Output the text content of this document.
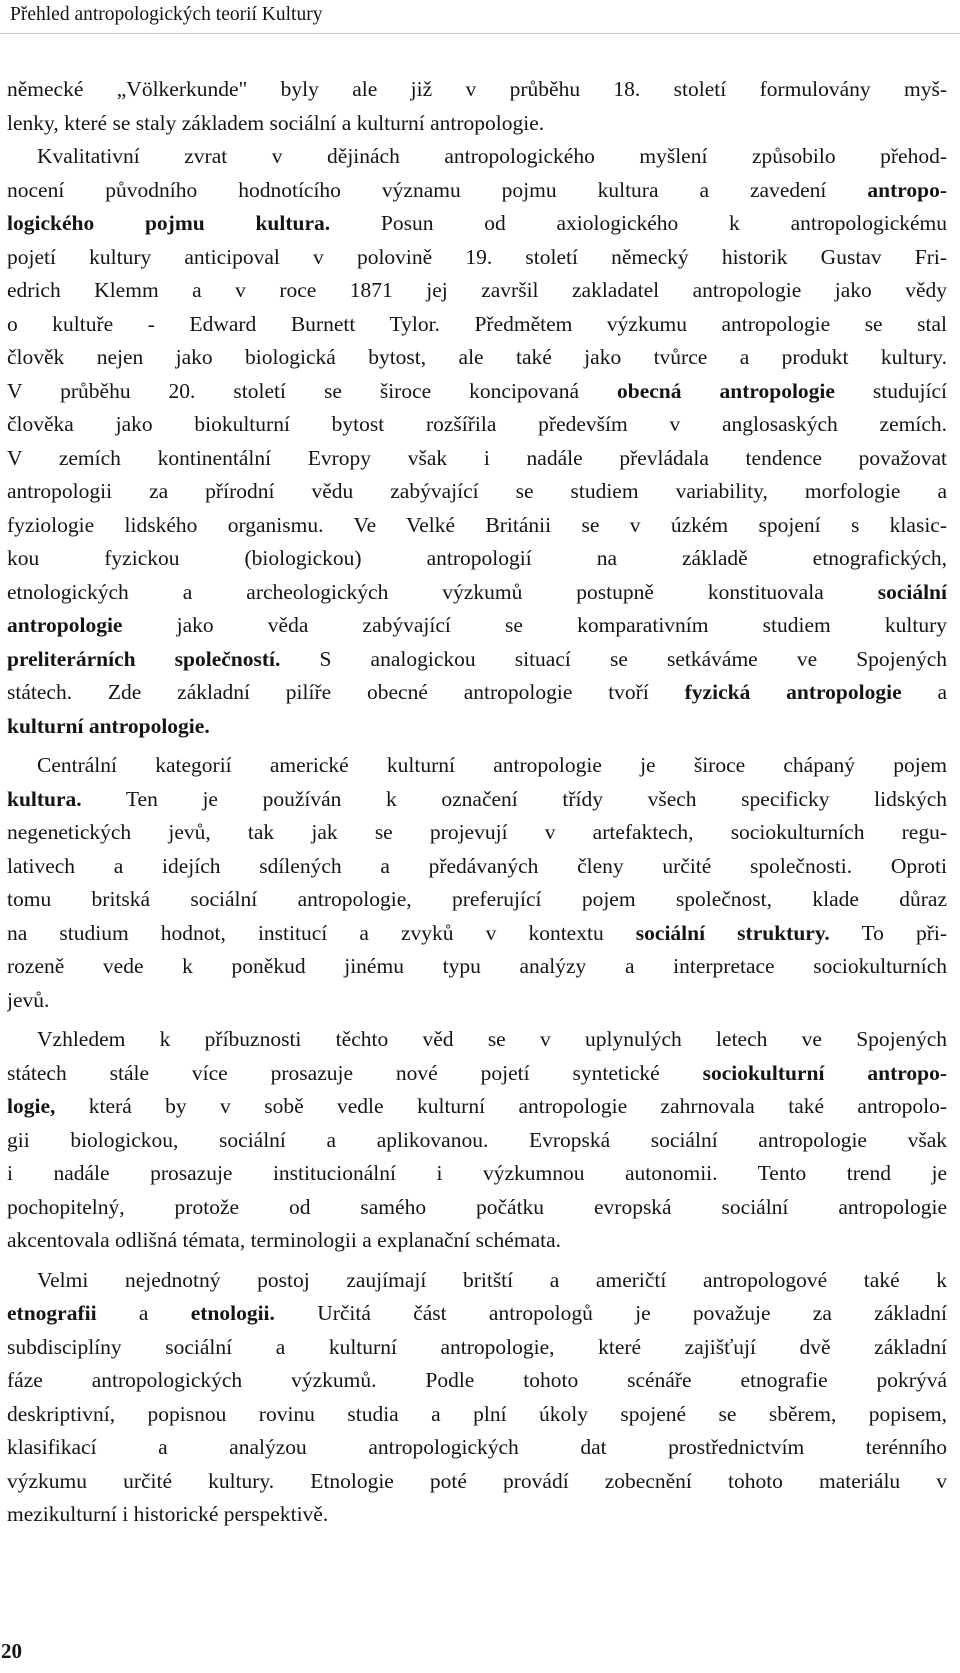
Přehled antropologických teorií Kultury
německé „Völkerkunde" byly ale již v průběhu 18. století formulovány myš-
lenky, které se staly základem sociální a kulturní antropologie.
Kvalitativní zvrat v dějinách antropologického myšlení způsobilo přehod-
nocení původního hodnotícího významu pojmu kultura a zavedení antropo-
logického pojmu kultura. Posun od axiologického k antropologickému
pojetí kultury anticipoval v polovině 19. století německý historik Gustav Fri-
edrich Klemm a v roce 1871 jej završil zakladatel antropologie jako vědy
o kultuře - Edward Burnett Tylor. Předmětem výzkumu antropologie se stal
člověk nejen jako biologická bytost, ale také jako tvůrce a produkt kultury.
V průběhu 20. století se široce koncipovaná obecná antropologie studující
člověka jako biokulturní bytost rozšířila především v anglosaských zemích.
V zemích kontinentální Evropy však i nadále převládala tendence považovat
antropologii za přírodní vědu zabývající se studiem variability, morfologie a
fyziologie lidského organismu. Ve Velké Británii se v úzkém spojení s klasic-
kou fyzickou (biologickou) antropologií na základě etnografických,
etnologických a archeologických výzkumů postupně konstituovala sociální
antropologie jako věda zabývající se komparativním studiem kultury
preliterárních společností. S analogickou situací se setkáváme ve Spojených
státech. Zde základní pilíře obecné antropologie tvoří fyzická antropologie a
kulturní antropologie.
Centrální kategorií americké kulturní antropologie je široce chápaný pojem
kultura. Ten je používán k označení třídy všech specificky lidských
negenetických jevů, tak jak se projevují v artefaktech, sociokulturních regu-
lativech a idejích sdílených a předávaných členy určité společnosti. Oproti
tomu britská sociální antropologie, preferující pojem společnost, klade důraz
na studium hodnot, institucí a zvyků v kontextu sociální struktury. To při-
rozeně vede k poněkud jinému typu analýzy a interpretace sociokulturních
jevů.
Vzhledem k příbuznosti těchto věd se v uplynulých letech ve Spojených
státech stále více prosazuje nové pojetí syntetické sociokulturní antropo-
logie, která by v sobě vedle kulturní antropologie zahrnovala také antropolo-
gii biologickou, sociální a aplikovanou. Evropská sociální antropologie však
i nadále prosazuje institucionální i výzkumnou autonomii. Tento trend je
pochopitelný, protože od samého počátku evropská sociální antropologie
akcentovala odlišná témata, terminologii a explanační schémata.
Velmi nejednotný postoj zaujímají britští a američtí antropologové také k
etnografii a etnologii. Určitá část antropologů je považuje za základní
subdisciplíny sociální a kulturní antropologie, které zajišťují dvě základní
fáze antropologických výzkumů. Podle tohoto scénáře etnografie pokrývá
deskriptivní, popisnou rovinu studia a plní úkoly spojené se sběrem, popisem,
klasifikací a analýzou antropologických dat prostřednictvím terénního
výzkumu určité kultury. Etnologie poté provádí zobecnění tohoto materiálu v
mezikulturní i historické perspektivě.
20
